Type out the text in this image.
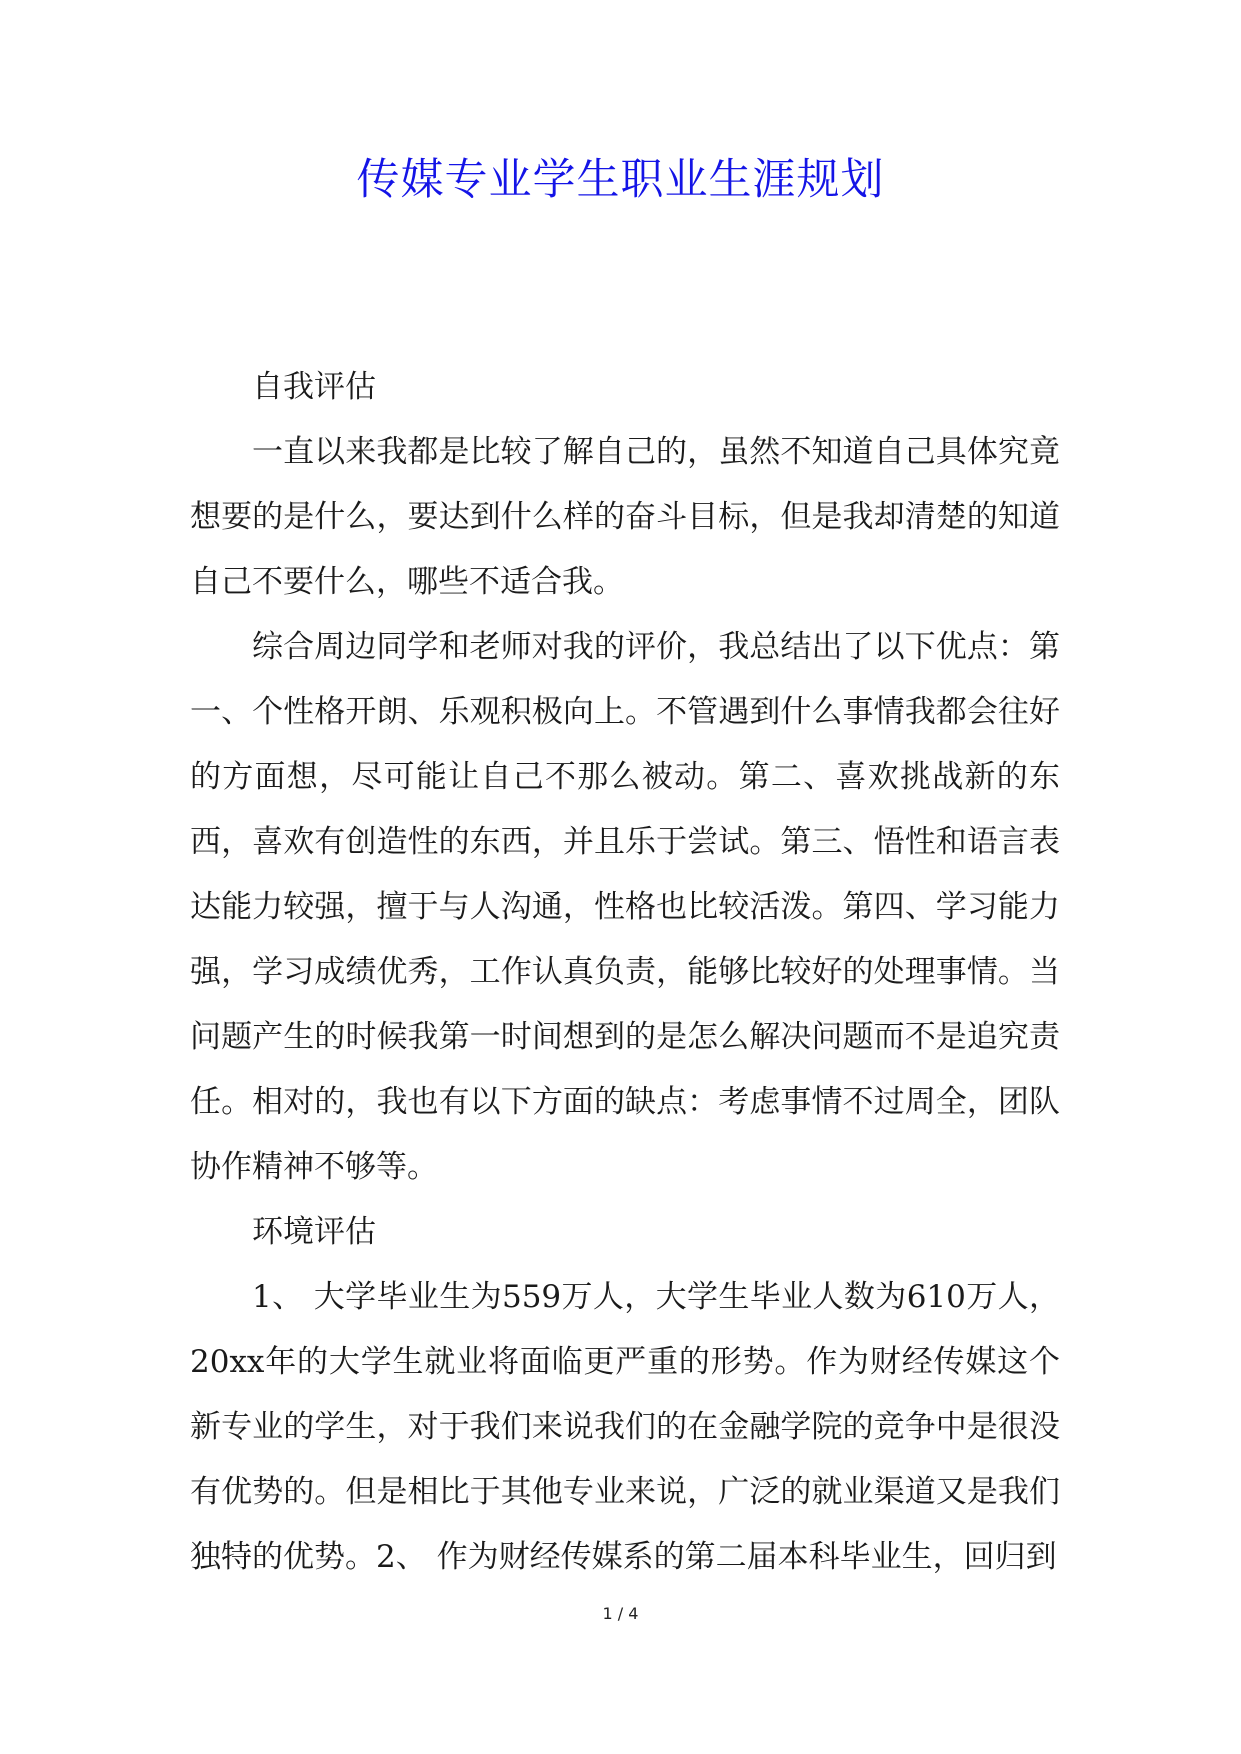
传媒专业学生职业生涯规划

自我评估

一直以来我都是比较了解自己的，虽然不知道自己具体究竟想要的是什么，要达到什么样的奋斗目标，但是我却清楚的知道自己不要什么，哪些不适合我。

综合周边同学和老师对我的评价，我总结出了以下优点：第一、个性格开朗、乐观积极向上。不管遇到什么事情我都会往好的方面想，尽可能让自己不那么被动。第二、喜欢挑战新的东西，喜欢有创造性的东西，并且乐于尝试。第三、悟性和语言表达能力较强，擅于与人沟通，性格也比较活泼。第四、学习能力强，学习成绩优秀，工作认真负责，能够比较好的处理事情。当问题产生的时候我第一时间想到的是怎么解决问题而不是追究责任。相对的，我也有以下方面的缺点：考虑事情不过周全，团队协作精神不够等。

环境评估

1、 大学毕业生为559万人，大学生毕业人数为610万人，20xx年的大学生就业将面临更严重的形势。作为财经传媒这个新专业的学生，对于我们来说我们的在金融学院的竞争中是很没有优势的。但是相比于其他专业来说，广泛的就业渠道又是我们独特的优势。2、 作为财经传媒系的第二届本科毕业生，回归到

1 / 4
